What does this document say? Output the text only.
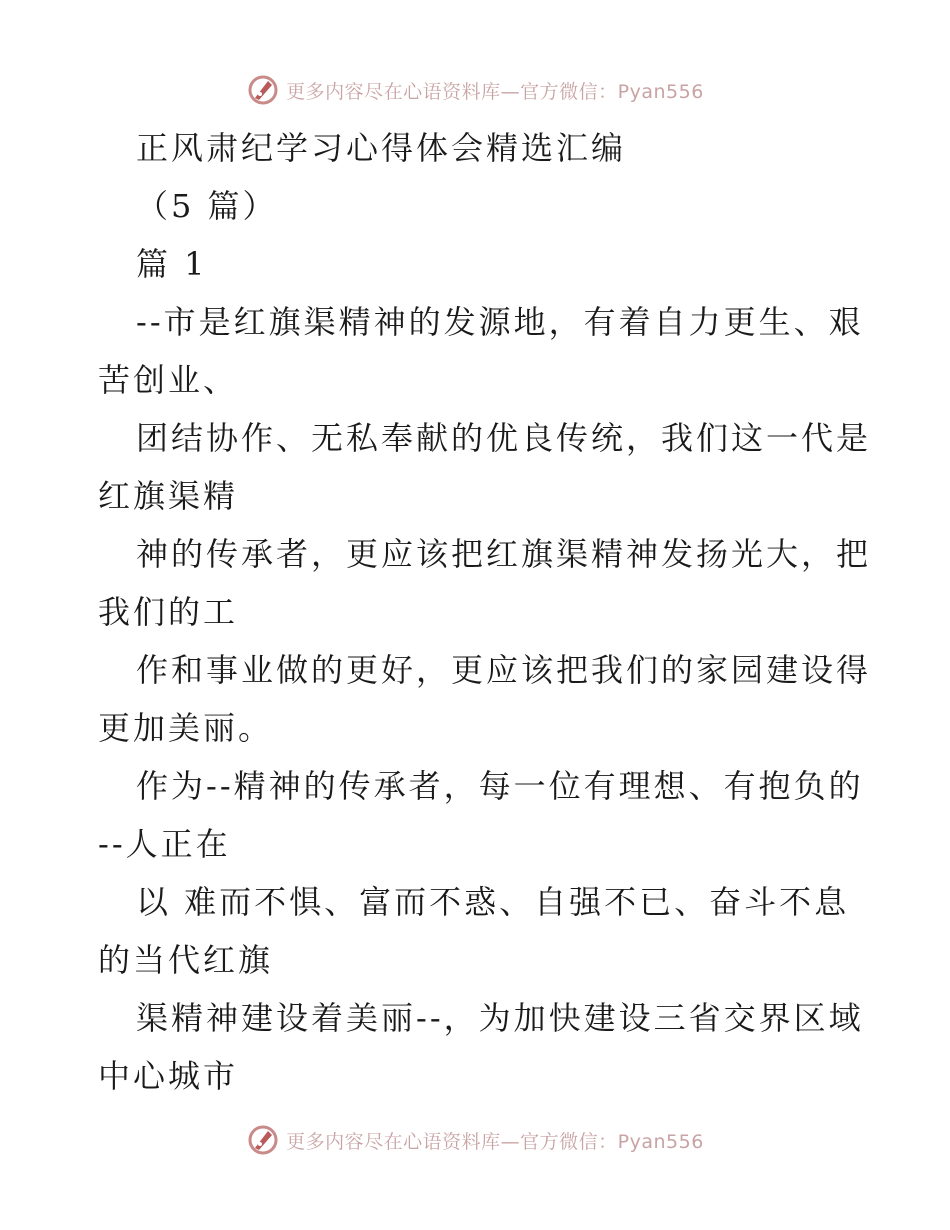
更多内容尽在心语资料库—官方微信：Pyan556
正风肃纪学习心得体会精选汇编
（5 篇）
篇 1
--市是红旗渠精神的发源地，有着自力更生、艰
苦创业、
团结协作、无私奉献的优良传统，我们这一代是
红旗渠精
神的传承者，更应该把红旗渠精神发扬光大，把
我们的工
作和事业做的更好，更应该把我们的家园建设得
更加美丽。
作为--精神的传承者，每一位有理想、有抱负的
--人正在
以 难而不惧、富而不惑、自强不已、奋斗不息
的当代红旗
渠精神建设着美丽--，为加快建设三省交界区域
中心城市
更多内容尽在心语资料库—官方微信：Pyan556
